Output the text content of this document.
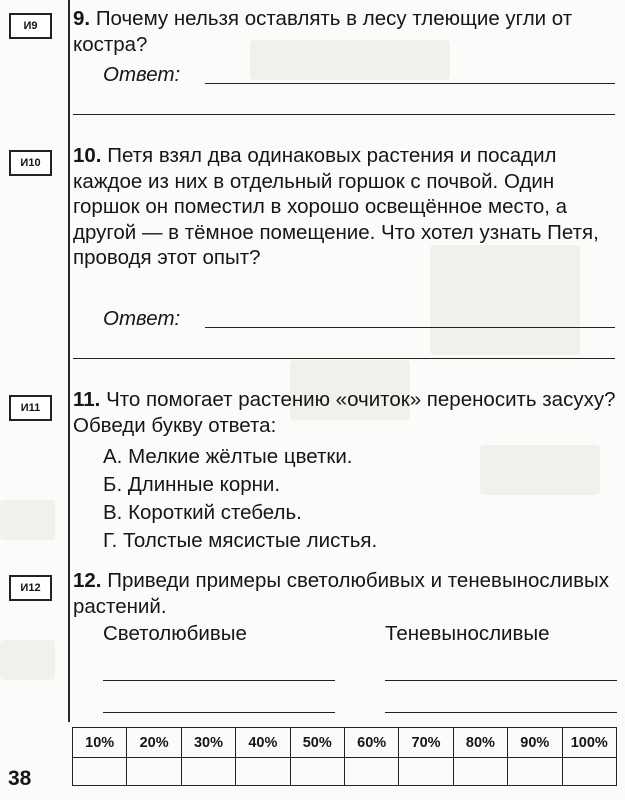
И9	9. Почему нельзя оставлять в лесу тлеющие угли от костра?
Ответ:
И10	10. Петя взял два одинаковых растения и посадил каждое из них в отдельный горшок с почвой. Один горшок он поместил в хорошо освещённое место, а другой — в тёмное помещение. Что хотел узнать Петя, проводя этот опыт?
Ответ:
И11	11. Что помогает растению «очиток» переносить засуху? Обведи букву ответа:
А. Мелкие жёлтые цветки.
Б. Длинные корни.
В. Короткий стебель.
Г. Толстые мясистые листья.
И12	12. Приведи примеры светолюбивых и теневыносливых растений.
Светолюбивые	Теневыносливые
10%	20%	30%	40%	50%	60%	70%	80%	90%	100%

38
